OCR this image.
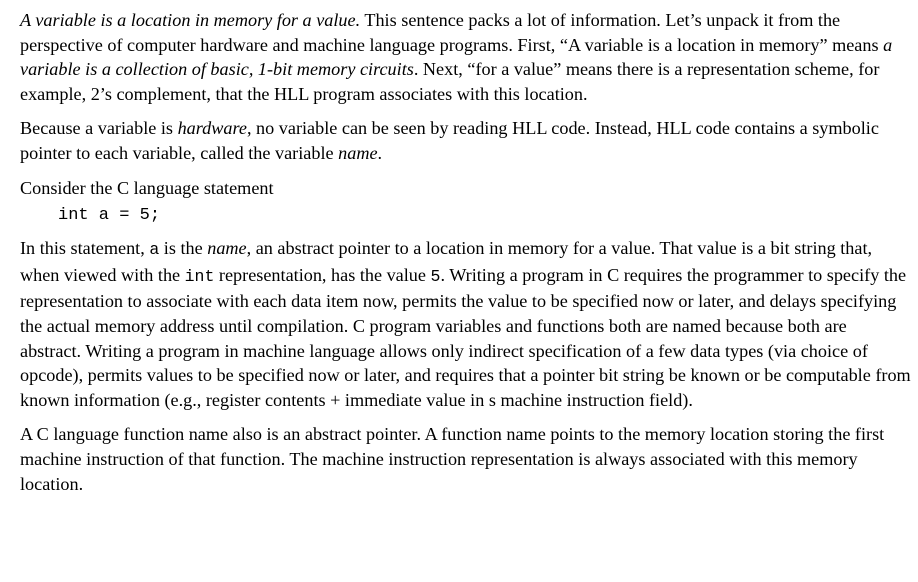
A variable is a location in memory for a value. This sentence packs a lot of information. Let’s unpack it from the perspective of computer hardware and machine language programs. First, “A variable is a location in memory” means a variable is a collection of basic, 1-bit memory circuits. Next, “for a value” means there is a representation scheme, for example, 2’s complement, that the HLL program associates with this location.

Because a variable is hardware, no variable can be seen by reading HLL code. Instead, HLL code contains a symbolic pointer to each variable, called the variable name.

Consider the C language statement

int a = 5;

In this statement, a is the name, an abstract pointer to a location in memory for a value. That value is a bit string that, when viewed with the int representation, has the value 5. Writing a program in C requires the programmer to specify the representation to associate with each data item now, permits the value to be specified now or later, and delays specifying the actual memory address until compilation. C program variables and functions both are named because both are abstract. Writing a program in machine language allows only indirect specification of a few data types (via choice of opcode), permits values to be specified now or later, and requires that a pointer bit string be known or be computable from known information (e.g., register contents + immediate value in s machine instruction field).

A C language function name also is an abstract pointer. A function name points to the memory location storing the first machine instruction of that function. The machine instruction representation is always associated with this memory location.
